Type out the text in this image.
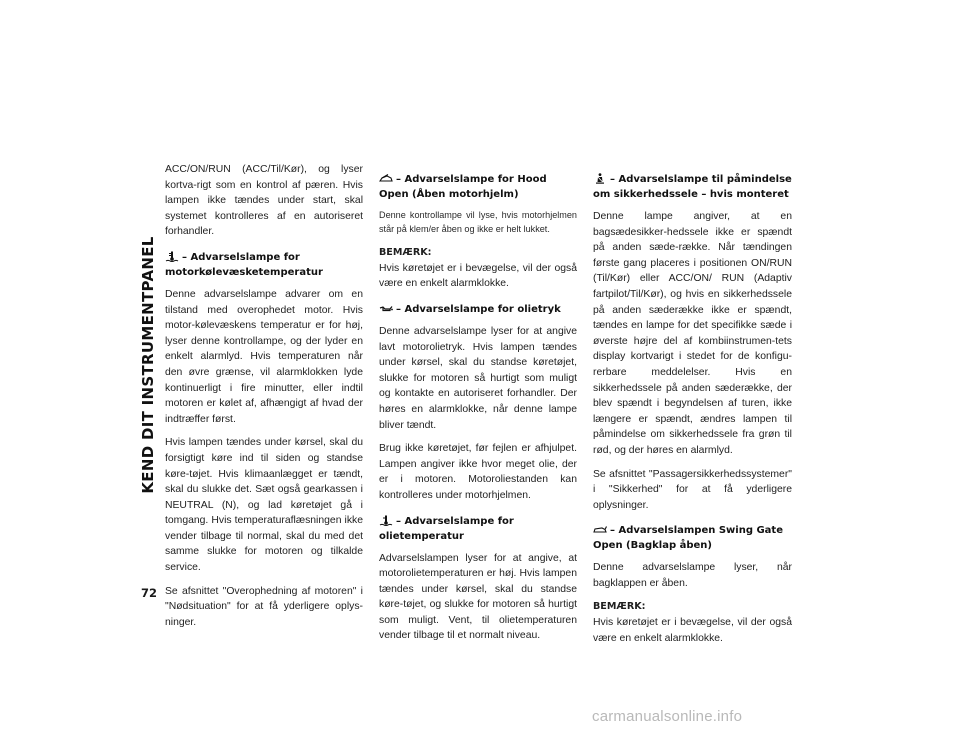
KEND DIT INSTRUMENTPANEL
72

ACC/ON/RUN (ACC/Til/Kør), og lyser kortva-rigt som en kontrol af pæren. Hvis lampen ikke tændes under start, skal systemet kontrolleres af en autoriseret forhandler.

– Advarselslampe for motorkølevæsketemperatur

Denne advarselslampe advarer om en tilstand med overophedet motor. Hvis motor-kølevæskens temperatur er for høj, lyser denne kontrollampe, og der lyder en enkelt alarmlyd. Hvis temperaturen når den øvre grænse, vil alarmklokken lyde kontinuerligt i fire minutter, eller indtil motoren er kølet af, afhængigt af hvad der indtræffer først.

Hvis lampen tændes under kørsel, skal du forsigtigt køre ind til siden og standse køre-tøjet. Hvis klimaanlægget er tændt, skal du slukke det. Sæt også gearkassen i NEUTRAL (N), og lad køretøjet gå i tomgang. Hvis temperaturaflæsningen ikke vender tilbage til normal, skal du med det samme slukke for motoren og tilkalde service.

Se afsnittet "Overophedning af motoren" i "Nødsituation" for at få yderligere oplys-ninger.

– Advarselslampe for Hood Open (Åben motorhjelm)

Denne kontrollampe vil lyse, hvis motorhjelmen står på klem/er åben og ikke er helt lukket.

BEMÆRK:

Hvis køretøjet er i bevægelse, vil der også være en enkelt alarmklokke.

– Advarselslampe for olietryk

Denne advarselslampe lyser for at angive lavt motorolietryk. Hvis lampen tændes under kørsel, skal du standse køretøjet, slukke for motoren så hurtigt som muligt og kontakte en autoriseret forhandler. Der høres en alarmklokke, når denne lampe bliver tændt.

Brug ikke køretøjet, før fejlen er afhjulpet. Lampen angiver ikke hvor meget olie, der er i motoren. Motoroliestanden kan kontrolleres under motorhjelmen.

– Advarselslampe for olietemperatur

Advarselslampen lyser for at angive, at motorolietemperaturen er høj. Hvis lampen tændes under kørsel, skal du standse køre-tøjet, og slukke for motoren så hurtigt som muligt. Vent, til olietemperaturen vender tilbage til et normalt niveau.

– Advarselslampe til påmindelse om sikkerhedssele – hvis monteret

Denne lampe angiver, at en bagsædesikker-hedssele ikke er spændt på anden sæde-række. Når tændingen første gang placeres i positionen ON/RUN (Til/Kør) eller ACC/ON/ RUN (Adaptiv fartpilot/Til/Kør), og hvis en sikkerhedssele på anden sæderække ikke er spændt, tændes en lampe for det specifikke sæde i øverste højre del af kombiinstrumen-tets display kortvarigt i stedet for de konfigu-rerbare meddelelser. Hvis en sikkerhedssele på anden sæderække, der blev spændt i begyndelsen af turen, ikke længere er spændt, ændres lampen til påmindelse om sikkerhedssele fra grøn til rød, og der høres en alarmlyd.

Se afsnittet "Passagersikkerhedssystemer" i "Sikkerhed" for at få yderligere oplysninger.

– Advarselslampen Swing Gate Open (Bagklap åben)

Denne advarselslampe lyser, når bagklappen er åben.

BEMÆRK:

Hvis køretøjet er i bevægelse, vil der også være en enkelt alarmklokke.

carmanualsonline.info
